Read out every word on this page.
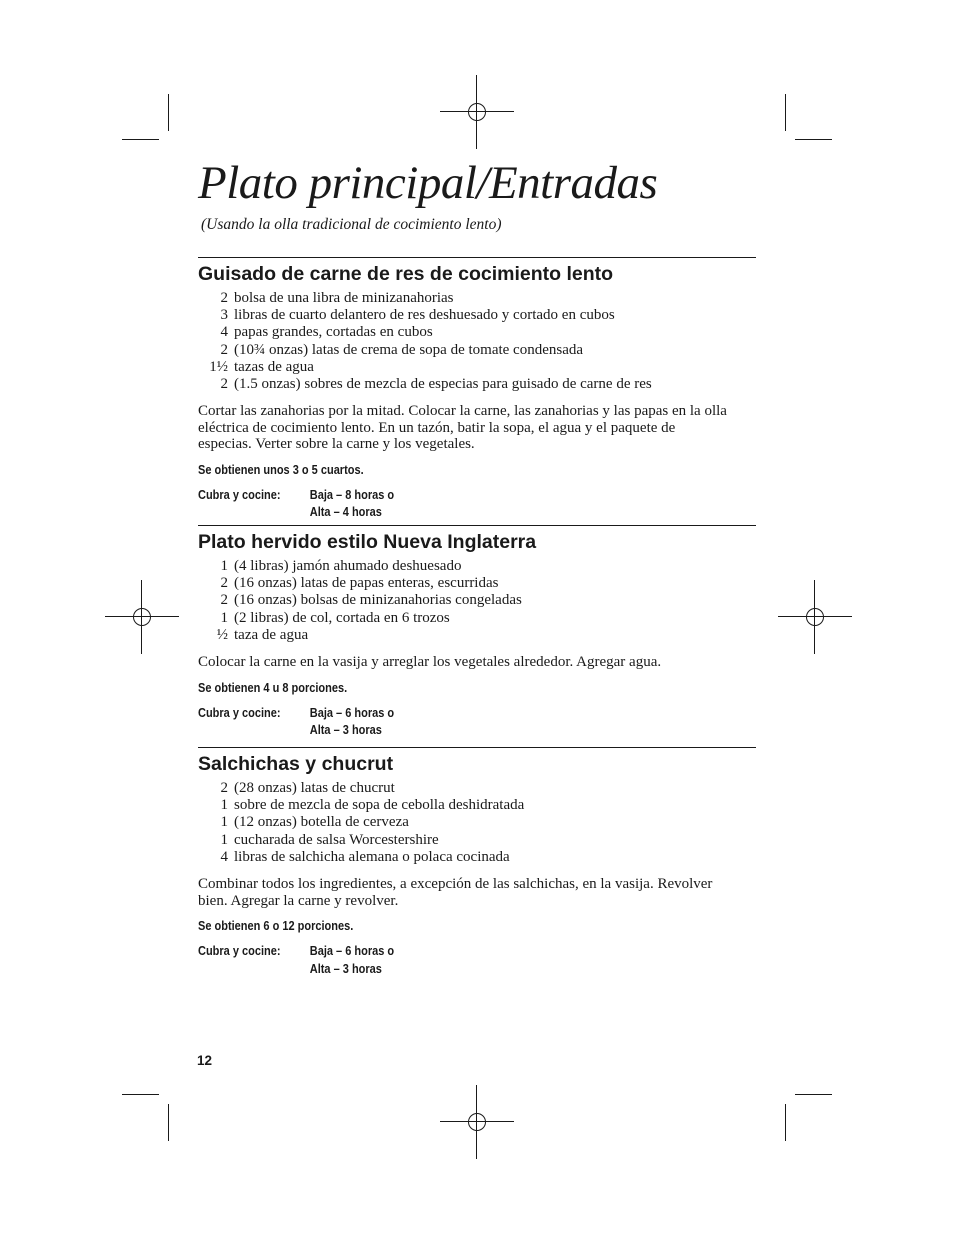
Plato principal/Entradas
(Usando la olla tradicional de cocimiento lento)
Guisado de carne de res de cocimiento lento
2 bolsa de una libra de minizanahorias
3 libras de cuarto delantero de res deshuesado y cortado en cubos
4 papas grandes, cortadas en cubos
2 (10¾ onzas) latas de crema de sopa de tomate condensada
1½ tazas de agua
2 (1.5 onzas) sobres de mezcla de especias para guisado de carne de res

Cortar las zanahorias por la mitad. Colocar la carne, las zanahorias y las papas en la olla eléctrica de cocimiento lento. En un tazón, batir la sopa, el agua y el paquete de especias. Verter sobre la carne y los vegetales.

Se obtienen unos 3 o 5 cuartos.
Cubra y cocine:	Baja – 8 horas o
Alta – 4 horas
Plato hervido estilo Nueva Inglaterra
1 (4 libras) jamón ahumado deshuesado
2 (16 onzas) latas de papas enteras, escurridas
2 (16 onzas) bolsas de minizanahorias congeladas
1 (2 libras) de col, cortada en 6 trozos
½ taza de agua

Colocar la carne en la vasija y arreglar los vegetales alrededor. Agregar agua.

Se obtienen 4 u 8 porciones.
Cubra y cocine:	Baja – 6 horas o
Alta – 3 horas
Salchichas y chucrut
2 (28 onzas) latas de chucrut
1 sobre de mezcla de sopa de cebolla deshidratada
1 (12 onzas) botella de cerveza
1 cucharada de salsa Worcestershire
4 libras de salchicha alemana o polaca cocinada

Combinar todos los ingredientes, a excepción de las salchichas, en la vasija. Revolver bien. Agregar la carne y revolver.

Se obtienen 6 o 12 porciones.
Cubra y cocine:	Baja – 6 horas o
Alta – 3 horas
12
